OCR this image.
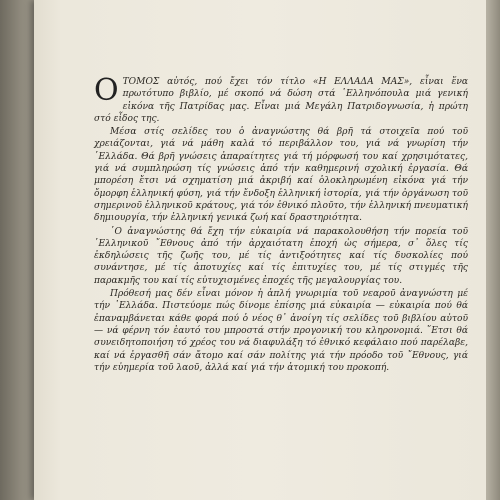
O ΤΟΜΟΣ αὐτός, πού ἔχει τόν τίτλο «Η ΕΛΛΑΔΑ ΜΑΣ», εἶναι ἕνα πρωτότυπο βιβλίο, μέ σκοπό νά δώση στά ῾Ελληνόπουλα μιά γενική εἰκόνα τῆς Πατρίδας μας. Εἶναι μιά Μεγάλη Πατριδογνωσία, ἡ πρώτη στό εἶδος της.

Μέσα στίς σελίδες του ὁ ἀναγνώστης θά βρῆ τά στοιχεῖα πού τοῦ χρειάζονται, γιά νά μάθη καλά τό περιβάλλον του, γιά νά γνωρίση τήν ῾Ελλάδα. Θά βρῆ γνώσεις ἀπαραίτητες γιά τή μόρφωσή του καί χρησιμότατες, γιά νά συμπληρώση τίς γνώσεις ἀπό τήν καθημερινή σχολική ἐργασία. Θά μπορέση ἔτσι νά σχηματίση μιά ἀκριβή καί ὁλοκληρωμένη εἰκόνα γιά τήν ὄμορφη ἑλληνική φύση, γιά τήν ἔνδοξη ἑλληνική ἱστορία, γιά τήν ὀργάνωση τοῦ σημερινοῦ ἑλληνικοῦ κράτους, γιά τόν ἐθνικό πλοῦτο, τήν ἑλληνική πνευματική δημιουργία, τήν ἑλληνική γενικά ζωή καί δραστηριότητα.

῾Ο ἀναγνώστης θά ἔχη τήν εὐκαιρία νά παρακολουθήση τήν πορεία τοῦ ῾Ελληνικοῦ ῎Εθνους ἀπό τήν ἀρχαιότατη ἐποχή ὡς σήμερα, σ᾽ ὅλες τίς ἐκδηλώσεις τῆς ζωῆς του, μέ τίς ἀντιξοότητες καί τίς δυσκολίες πού συνάντησε, μέ τίς ἀποτυχίες καί τίς ἐπιτυχίες του, μέ τίς στιγμές τῆς παρακμῆς του καί τίς εὐτυχισμένες ἐποχές τῆς μεγαλουργίας του.

Πρόθεσή μας δέν εἶναι μόνον ἡ ἁπλή γνωριμία τοῦ νεαροῦ ἀναγνώστη μέ τήν ῾Ελλάδα. Πιστεύομε πώς δίνομε ἐπίσης μιά εὐκαιρία — εὐκαιρία πού θά ἐπαναμβάνεται κάθε φορά πού ὁ νέος θ᾽ ἀνοίγη τίς σελίδες τοῦ βιβλίου αὐτοῦ — νά φέρνη τόν ἑαυτό του μπροστά στήν προγονική του κληρονομιά. ῞Ετσι θά συνειδητοποιήση τό χρέος του νά διαφυλάξη τό ἐθνικό κεφάλαιο πού παρέλαβε, καί νά ἐργασθῆ σάν ἄτομο καί σάν πολίτης γιά τήν πρόοδο τοῦ ῎Εθνους, γιά τήν εὐημερία τοῦ λαοῦ, ἀλλά καί γιά τήν ἀτομική του προκοπή.
